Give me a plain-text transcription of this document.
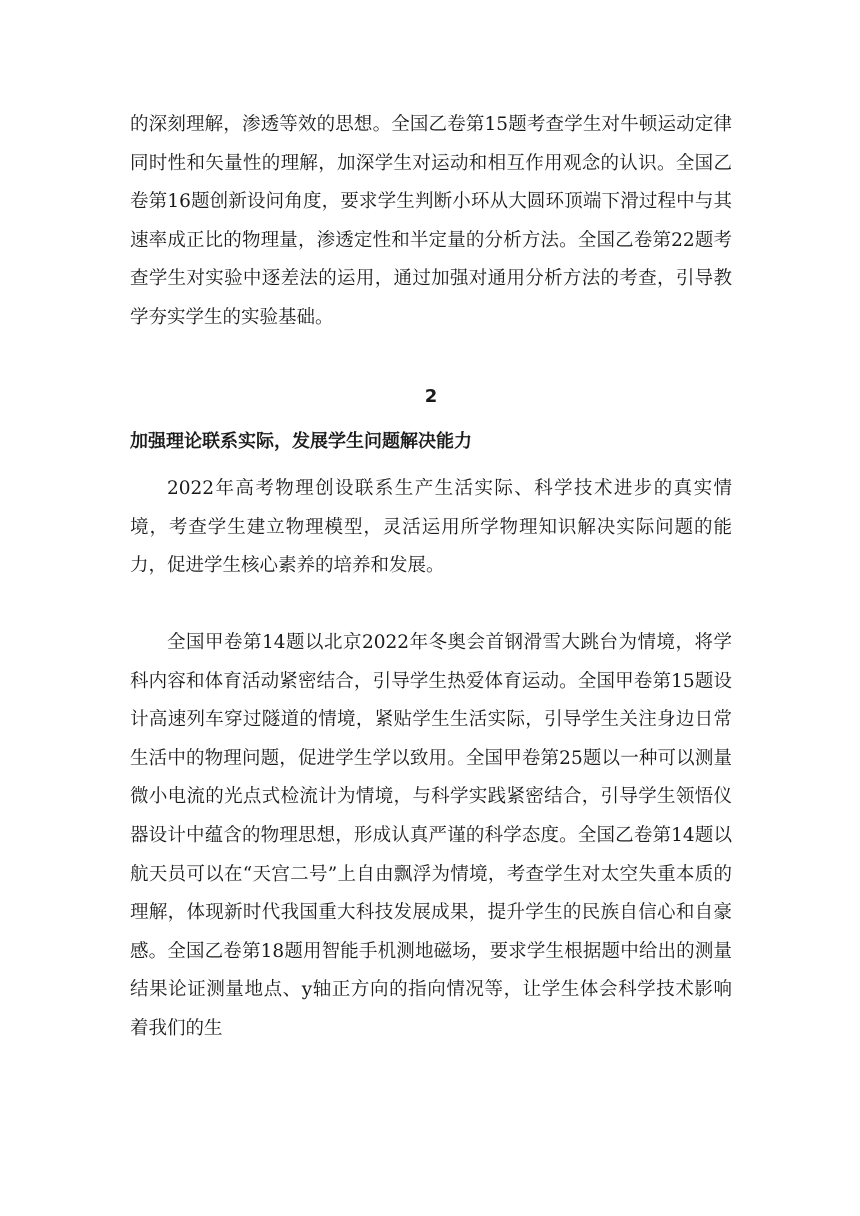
的深刻理解，渗透等效的思想。全国乙卷第15题考查学生对牛顿运动定律同时性和矢量性的理解，加深学生对运动和相互作用观念的认识。全国乙卷第16题创新设问角度，要求学生判断小环从大圆环顶端下滑过程中与其速率成正比的物理量，渗透定性和半定量的分析方法。全国乙卷第22题考查学生对实验中逐差法的运用，通过加强对通用分析方法的考查，引导教学夯实学生的实验基础。

2
加强理论联系实际，发展学生问题解决能力

2022年高考物理创设联系生产生活实际、科学技术进步的真实情境，考查学生建立物理模型，灵活运用所学物理知识解决实际问题的能力，促进学生核心素养的培养和发展。

全国甲卷第14题以北京2022年冬奥会首钢滑雪大跳台为情境，将学科内容和体育活动紧密结合，引导学生热爱体育运动。全国甲卷第15题设计高速列车穿过隧道的情境，紧贴学生生活实际，引导学生关注身边日常生活中的物理问题，促进学生学以致用。全国甲卷第25题以一种可以测量微小电流的光点式检流计为情境，与科学实践紧密结合，引导学生领悟仪器设计中蕴含的物理思想，形成认真严谨的科学态度。全国乙卷第14题以航天员可以在“天宫二号”上自由飘浮为情境，考查学生对太空失重本质的理解，体现新时代我国重大科技发展成果，提升学生的民族自信心和自豪感。全国乙卷第18题用智能手机测地磁场，要求学生根据题中给出的测量结果论证测量地点、y轴正方向的指向情况等，让学生体会科学技术影响着我们的生
